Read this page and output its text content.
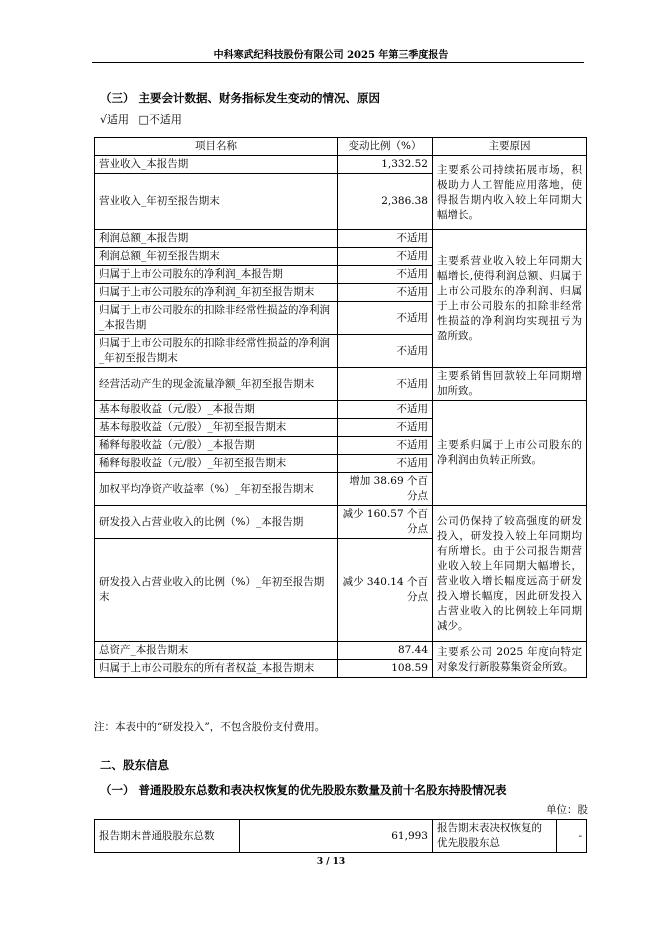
中科寒武纪科技股份有限公司 2025 年第三季度报告
（三） 主要会计数据、财务指标发生变动的情况、原因
√适用 □不适用
项目名称	变动比例（%）	主要原因
营业收入_本报告期	1,332.52	主要系公司持续拓展市场，积极助力人工智能应用落地，使得报告期内收入较上年同期大幅增长。
营业收入_年初至报告期末	2,386.38	
利润总额_本报告期	不适用	主要系营业收入较上年同期大幅增长,使得利润总额、归属于上市公司股东的净利润、归属于上市公司股东的扣除非经常性损益的净利润均实现扭亏为盈所致。
利润总额_年初至报告期末	不适用	
归属于上市公司股东的净利润_本报告期	不适用	
归属于上市公司股东的净利润_年初至报告期末	不适用	
归属于上市公司股东的扣除非经常性损益的净利润_本报告期	不适用	
归属于上市公司股东的扣除非经常性损益的净利润_年初至报告期末	不适用	
经营活动产生的现金流量净额_年初至报告期末	不适用	主要系销售回款较上年同期增加所致。
基本每股收益（元/股）_本报告期	不适用	主要系归属于上市公司股东的净利润由负转正所致。
基本每股收益（元/股）_年初至报告期末	不适用	
稀释每股收益（元/股）_本报告期	不适用	
稀释每股收益（元/股）_年初至报告期末	不适用	
加权平均净资产收益率（%）_年初至报告期末	增加 38.69 个百分点	
研发投入占营业收入的比例（%）_本报告期	减少 160.57 个百分点	公司仍保持了较高强度的研发投入，研发投入较上年同期均有所增长。由于公司报告期营业收入较上年同期大幅增长，营业收入增长幅度远高于研发投入增长幅度，因此研发投入占营业收入的比例较上年同期减少。
研发投入占营业收入的比例（%）_年初至报告期末	减少 340.14 个百分点	
总资产_本报告期末	87.44	主要系公司 2025 年度向特定对象发行新股募集资金所致。
归属于上市公司股东的所有者权益_本报告期末	108.59	
注：本表中的“研发投入”，不包含股份支付费用。
二、股东信息
（一） 普通股股东总数和表决权恢复的优先股股东数量及前十名股东持股情况表
单位：股
报告期末普通股股东总数	61,993	报告期末表决权恢复的优先股股东总	-
3 / 13
